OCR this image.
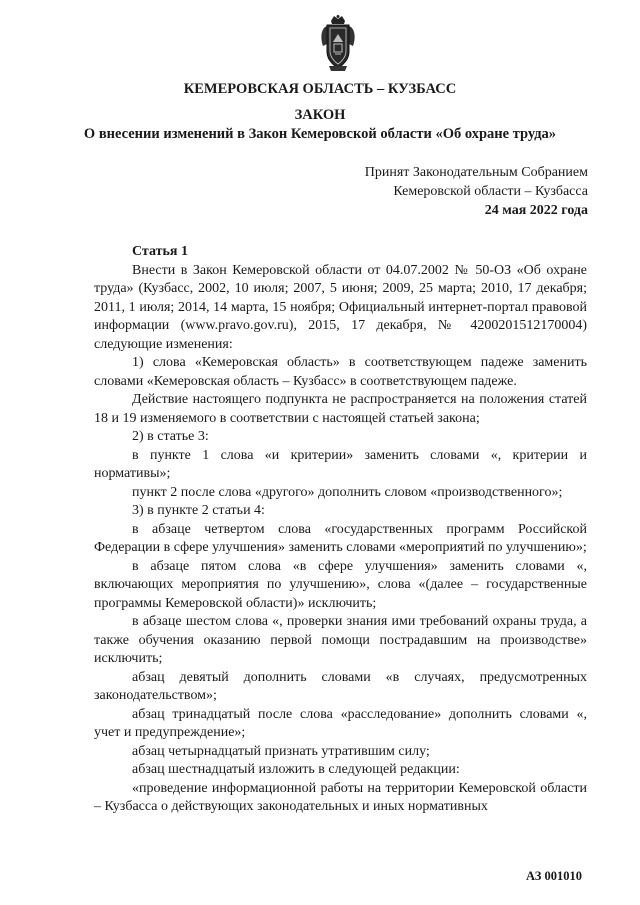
КЕМЕРОВСКАЯ ОБЛАСТЬ – КУЗБАСС
ЗАКОН
О внесении изменений в Закон Кемеровской области «Об охране труда»
Принят Законодательным Собранием
Кемеровской области – Кузбасса
24 мая 2022 года

Статья 1

Внести в Закон Кемеровской области от 04.07.2002 № 50-ОЗ «Об охране труда» (Кузбасс, 2002, 10 июля; 2007, 5 июня; 2009, 25 марта; 2010, 17 декабря; 2011, 1 июля; 2014, 14 марта, 15 ноября; Официальный интернет-портал правовой информации (www.pravo.gov.ru), 2015, 17 декабря, № 4200201512170004) следующие изменения:

1) слова «Кемеровская область» в соответствующем падеже заменить словами «Кемеровская область – Кузбасс» в соответствующем падеже.

Действие настоящего подпункта не распространяется на положения статей 18 и 19 изменяемого в соответствии с настоящей статьей закона;

2) в статье 3:

в пункте 1 слова «и критерии» заменить словами «, критерии и нормативы»;

пункт 2 после слова «другого» дополнить словом «производственного»;

3) в пункте 2 статьи 4:

в абзаце четвертом слова «государственных программ Российской Федерации в сфере улучшения» заменить словами «мероприятий по улучшению»;

в абзаце пятом слова «в сфере улучшения» заменить словами «, включающих мероприятия по улучшению», слова «(далее – государственные программы Кемеровской области)» исключить;

в абзаце шестом слова «, проверки знания ими требований охраны труда, а также обучения оказанию первой помощи пострадавшим на производстве» исключить;

абзац девятый дополнить словами «в случаях, предусмотренных законодательством»;

абзац тринадцатый после слова «расследование» дополнить словами «, учет и предупреждение»;

абзац четырнадцатый признать утратившим силу;

абзац шестнадцатый изложить в следующей редакции:

«проведение информационной работы на территории Кемеровской области – Кузбасса о действующих законодательных и иных нормативных

АЗ 001010
